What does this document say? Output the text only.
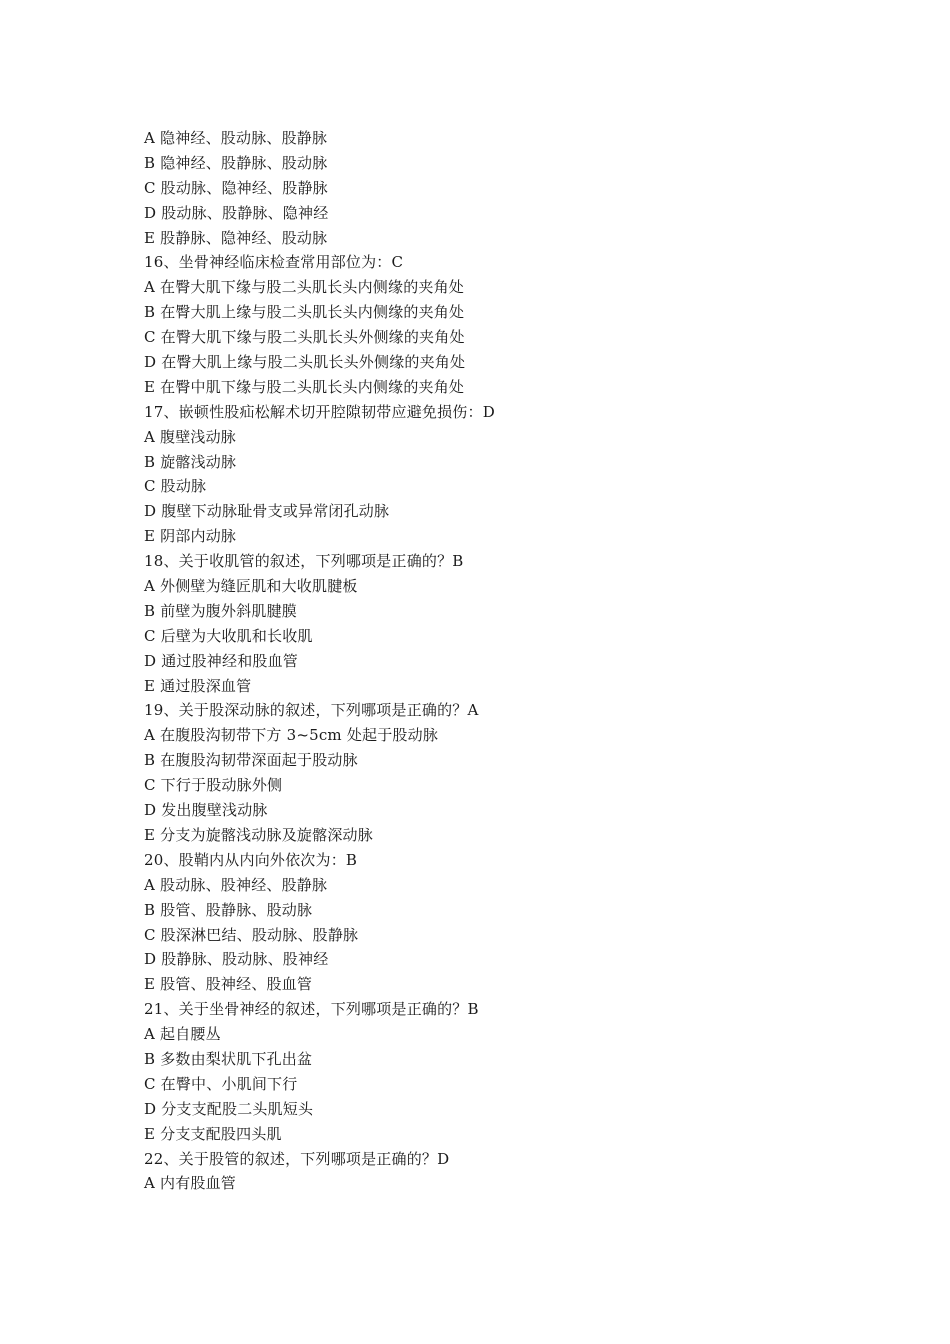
A 隐神经、股动脉、股静脉
B 隐神经、股静脉、股动脉
C 股动脉、隐神经、股静脉
D 股动脉、股静脉、隐神经
E 股静脉、隐神经、股动脉
16、坐骨神经临床检查常用部位为：C
A 在臀大肌下缘与股二头肌长头内侧缘的夹角处
B 在臀大肌上缘与股二头肌长头内侧缘的夹角处
C 在臀大肌下缘与股二头肌长头外侧缘的夹角处
D 在臀大肌上缘与股二头肌长头外侧缘的夹角处
E 在臀中肌下缘与股二头肌长头内侧缘的夹角处
17、嵌顿性股疝松解术切开腔隙韧带应避免损伤：D
A 腹壁浅动脉
B 旋髂浅动脉
C 股动脉
D 腹壁下动脉耻骨支或异常闭孔动脉
E 阴部内动脉
18、关于收肌管的叙述，下列哪项是正确的？B
A 外侧壁为缝匠肌和大收肌腱板
B 前壁为腹外斜肌腱膜
C 后壁为大收肌和长收肌
D 通过股神经和股血管
E 通过股深血管
19、关于股深动脉的叙述，下列哪项是正确的？A
A 在腹股沟韧带下方 3~5cm 处起于股动脉
B 在腹股沟韧带深面起于股动脉
C 下行于股动脉外侧
D 发出腹壁浅动脉
E 分支为旋髂浅动脉及旋髂深动脉
20、股鞘内从内向外依次为：B
A 股动脉、股神经、股静脉
B 股管、股静脉、股动脉
C 股深淋巴结、股动脉、股静脉
D 股静脉、股动脉、股神经
E 股管、股神经、股血管
21、关于坐骨神经的叙述，下列哪项是正确的？B
A 起自腰丛
B 多数由梨状肌下孔出盆
C 在臀中、小肌间下行
D 分支支配股二头肌短头
E 分支支配股四头肌
22、关于股管的叙述，下列哪项是正确的？D
A 内有股血管
